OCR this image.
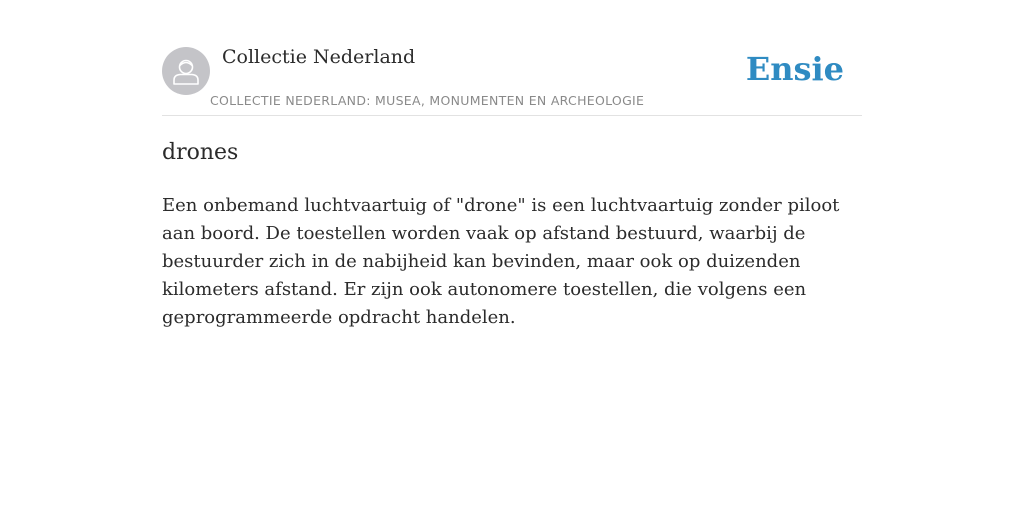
Collectie Nederland
COLLECTIE NEDERLAND: MUSEA, MONUMENTEN EN ARCHEOLOGIE
Ensie
drones

Een onbemand luchtvaartuig of "drone" is een luchtvaartuig zonder piloot aan boord. De toestellen worden vaak op afstand bestuurd, waarbij de bestuurder zich in de nabijheid kan bevinden, maar ook op duizenden kilometers afstand. Er zijn ook autonomere toestellen, die volgens een geprogrammeerde opdracht handelen.
